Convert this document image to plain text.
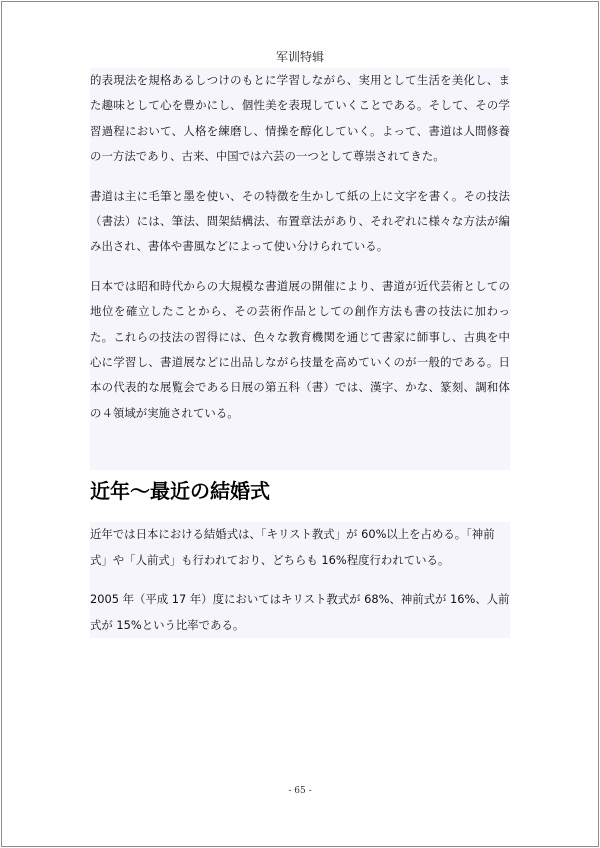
军训特辑

的表現法を規格あるしつけのもとに学習しながら、実用として生活を美化し、また趣味として心を豊かにし、個性美を表現していくことである。そして、その学習過程において、人格を練磨し、情操を醇化していく。よって、書道は人間修養の一方法であり、古来、中国では六芸の一つとして尊崇されてきた。

書道は主に毛筆と墨を使い、その特徴を生かして紙の上に文字を書く。その技法（書法）には、筆法、間架結構法、布置章法があり、それぞれに様々な方法が編み出され、書体や書風などによって使い分けられている。

日本では昭和時代からの大規模な書道展の開催により、書道が近代芸術としての地位を確立したことから、その芸術作品としての創作方法も書の技法に加わった。これらの技法の習得には、色々な教育機関を通じて書家に師事し、古典を中心に学習し、書道展などに出品しながら技量を高めていくのが一般的である。日本の代表的な展覧会である日展の第五科（書）では、漢字、かな、篆刻、調和体の４領域が実施されている。

近年～最近の結婚式

近年では日本における結婚式は、「キリスト教式」が 60%以上を占める。「神前式」や「人前式」も行われており、どちらも 16%程度行われている。

2005 年（平成 17 年）度においてはキリスト教式が 68%、神前式が 16%、人前式が 15%という比率である。

- 65 -
